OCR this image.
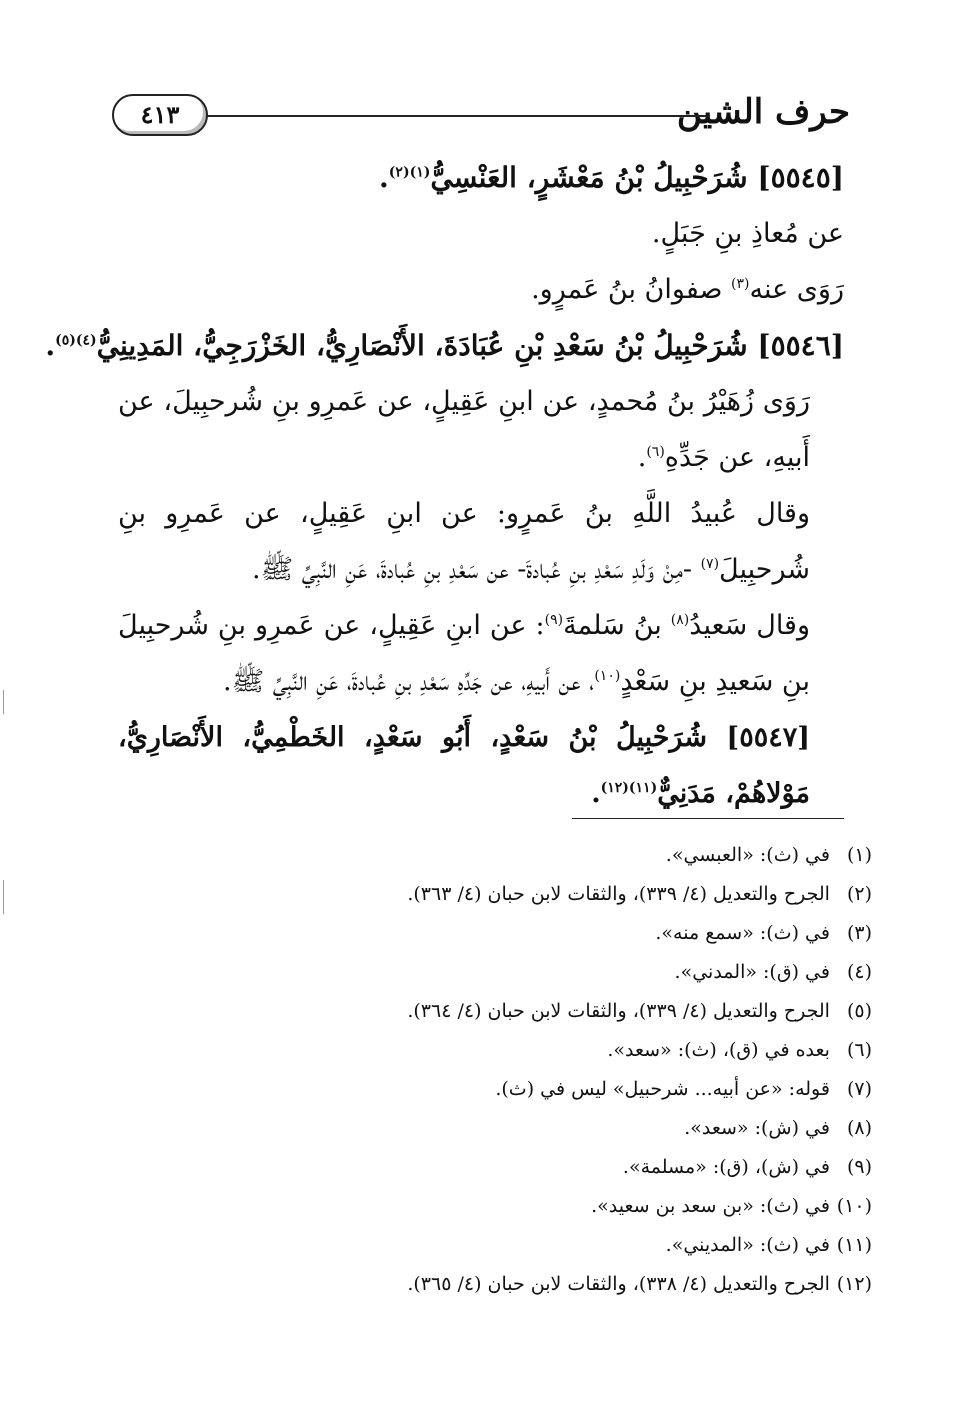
حرف الشين
٤١٣
[٥٥٤٥] شُرَحْبِيلُ بْنُ مَعْشَرٍ، العَنْسِيُّ$^{(١)(٢)}$.
عن مُعاذِ بنِ جَبَلٍ.
رَوَى عنه$^{(٣)}$ صفوانُ بنُ عَمرٍو.
[٥٥٤٦] شُرَحْبِيلُ بْنُ سَعْدِ بْنِ عُبَادَةَ، الأَنْصَارِيُّ، الخَزْرَجِيُّ، المَدِينِيُّ$^{(٤)(٥)}$.
رَوَى زُهَيْرُ بنُ مُحمدٍ، عن ابنِ عَقِيلٍ، عن عَمرِو بنِ شُرحبِيلَ، عن أَبيهِ، عن جَدِّهِ$^{(٦)}$.
وقال عُبيدُ اللَّهِ بنُ عَمرٍو: عن ابنِ عَقِيلٍ، عن عَمرِو بنِ شُرحبِيلَ$^{(٧)}$ -مِنْ وَلَدِ سَعْدِ بنِ عُبادةَ- عن سَعْدِ بنِ عُبادةَ، عَنِ النَّبِيِّ ﷺ.
وقال سَعيدُ$^{(٨)}$ بنُ سَلمةَ$^{(٩)}$: عن ابنِ عَقِيلٍ، عن عَمرِو بنِ شُرحبِيلَ بنِ سَعيدِ بنِ سَعْدٍ$^{(١٠)}$، عن أَبيهِ، عن جَدِّهِ سَعْدِ بنِ عُبادةَ، عَنِ النَّبِيِّ ﷺ.
[٥٥٤٧] شُرَحْبِيلُ بْنُ سَعْدٍ، أَبُو سَعْدٍ، الخَطْمِيُّ، الأَنْصَارِيُّ، مَوْلاهُمْ، مَدَنِيٌّ$^{(١١)(١٢)}$.
(١) في (ث): «العبسي».
(٢) الجرح والتعديل (٤/ ٣٣٩)، والثقات لابن حبان (٤/ ٣٦٣).
(٣) في (ث): «سمع منه».
(٤) في (ق): «المدني».
(٥) الجرح والتعديل (٤/ ٣٣٩)، والثقات لابن حبان (٤/ ٣٦٤).
(٦) بعده في (ق)، (ث): «سعد».
(٧) قوله: «عن أبيه... شرحبيل» ليس في (ث).
(٨) في (ش): «سعد».
(٩) في (ش)، (ق): «مسلمة».
(١٠) في (ث): «بن سعد بن سعيد».
(١١) في (ث): «المديني».
(١٢) الجرح والتعديل (٤/ ٣٣٨)، والثقات لابن حبان (٤/ ٣٦٥).
